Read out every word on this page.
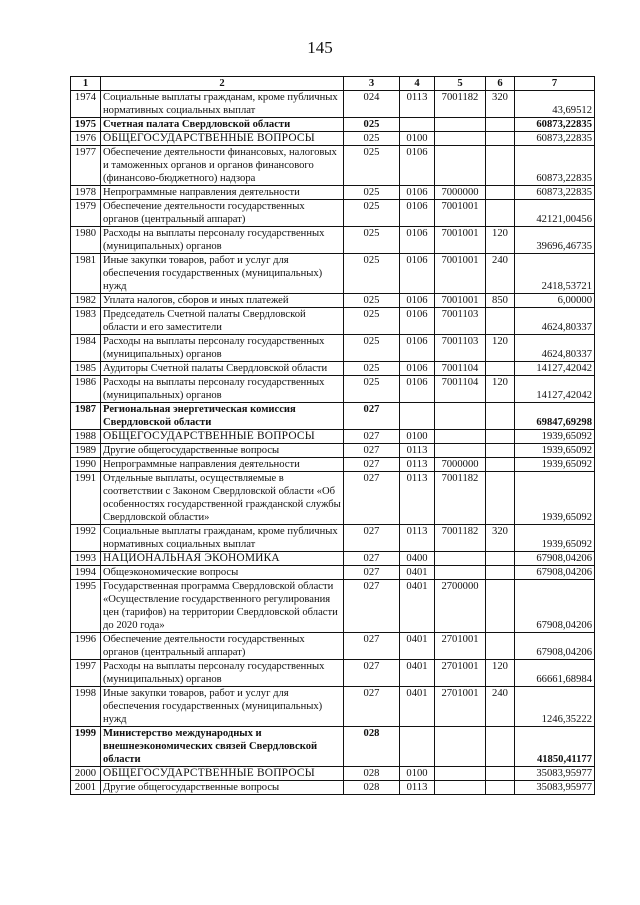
145
1	2	3	4	5	6	7
1974	Социальные выплаты гражданам, кроме публичных нормативных социальных выплат	024	0113	7001182	320	43,69512
1975	Счетная палата Свердловской области	025				60873,22835
1976	ОБЩЕГОСУДАРСТВЕННЫЕ ВОПРОСЫ	025	0100			60873,22835
1977	Обеспечение деятельности финансовых, налоговых и таможенных органов и органов финансового (финансово-бюджетного) надзора	025	0106			60873,22835
1978	Непрограммные направления деятельности	025	0106	7000000		60873,22835
1979	Обеспечение деятельности государственных органов (центральный аппарат)	025	0106	7001001		42121,00456
1980	Расходы на выплаты персоналу государственных (муниципальных) органов	025	0106	7001001	120	39696,46735
1981	Иные закупки товаров, работ и услуг для обеспечения государственных (муниципальных) нужд	025	0106	7001001	240	2418,53721
1982	Уплата налогов, сборов и иных платежей	025	0106	7001001	850	6,00000
1983	Председатель Счетной палаты Свердловской области и его заместители	025	0106	7001103		4624,80337
1984	Расходы на выплаты персоналу государственных (муниципальных) органов	025	0106	7001103	120	4624,80337
1985	Аудиторы Счетной палаты Свердловской области	025	0106	7001104		14127,42042
1986	Расходы на выплаты персоналу государственных (муниципальных) органов	025	0106	7001104	120	14127,42042
1987	Региональная энергетическая комиссия Свердловской области	027				69847,69298
1988	ОБЩЕГОСУДАРСТВЕННЫЕ ВОПРОСЫ	027	0100			1939,65092
1989	Другие общегосударственные вопросы	027	0113			1939,65092
1990	Непрограммные направления деятельности	027	0113	7000000		1939,65092
1991	Отдельные выплаты, осуществляемые в соответствии с Законом Свердловской области «Об особенностях государственной гражданской службы Свердловской области»	027	0113	7001182		1939,65092
1992	Социальные выплаты гражданам, кроме публичных нормативных социальных выплат	027	0113	7001182	320	1939,65092
1993	НАЦИОНАЛЬНАЯ ЭКОНОМИКА	027	0400			67908,04206
1994	Общеэкономические вопросы	027	0401			67908,04206
1995	Государственная программа Свердловской области «Осуществление государственного регулирования цен (тарифов) на территории Свердловской области до 2020 года»	027	0401	2700000		67908,04206
1996	Обеспечение деятельности государственных органов (центральный аппарат)	027	0401	2701001		67908,04206
1997	Расходы на выплаты персоналу государственных (муниципальных) органов	027	0401	2701001	120	66661,68984
1998	Иные закупки товаров, работ и услуг для обеспечения государственных (муниципальных) нужд	027	0401	2701001	240	1246,35222
1999	Министерство международных и внешнеэкономических связей Свердловской области	028				41850,41177
2000	ОБЩЕГОСУДАРСТВЕННЫЕ ВОПРОСЫ	028	0100			35083,95977
2001	Другие общегосударственные вопросы	028	0113			35083,95977
